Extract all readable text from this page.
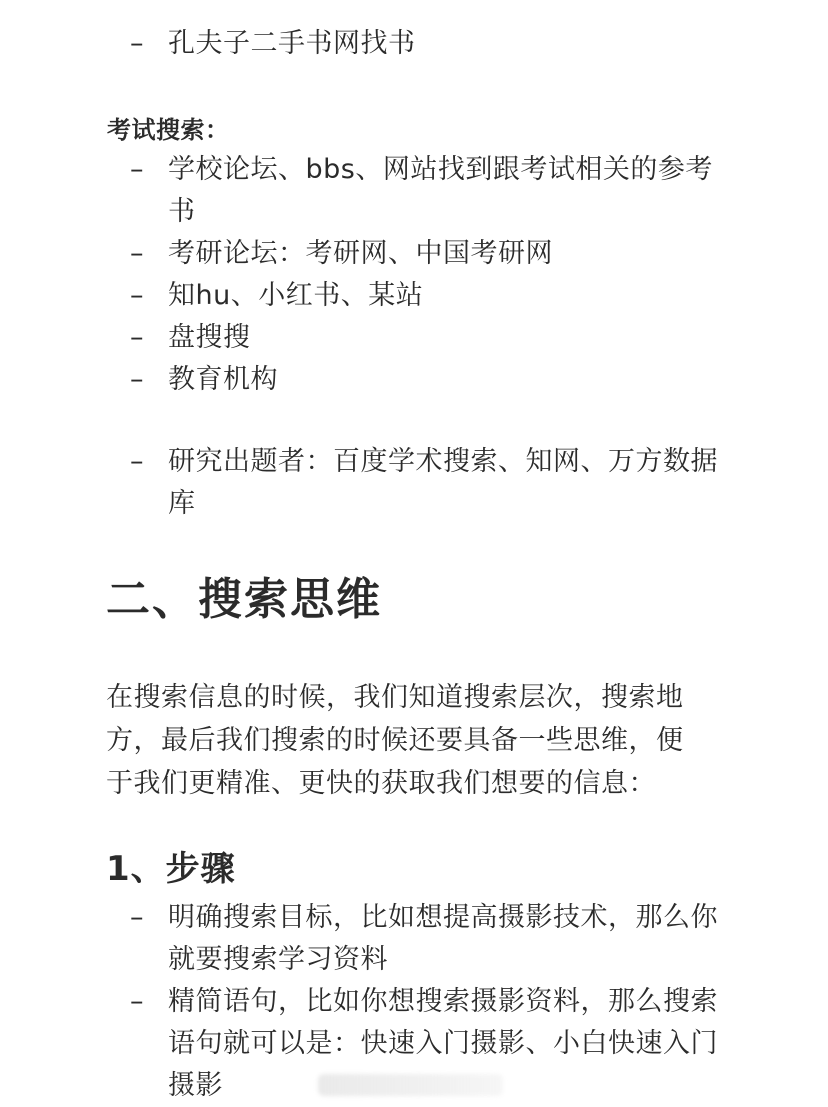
– 孔夫子二手书网找书
考试搜索：
– 学校论坛、bbs、网站找到跟考试相关的参考书
– 考研论坛：考研网、中国考研网
– 知hu、小红书、某站
– 盘搜搜
– 教育机构
– 研究出题者：百度学术搜索、知网、万方数据库
二、搜索思维
在搜索信息的时候，我们知道搜索层次，搜索地方，最后我们搜索的时候还要具备一些思维，便于我们更精准、更快的获取我们想要的信息：
1、步骤
– 明确搜索目标，比如想提高摄影技术，那么你就要搜索学习资料
– 精简语句，比如你想搜索摄影资料，那么搜索语句就可以是：快速入门摄影、小白快速入门摄影
